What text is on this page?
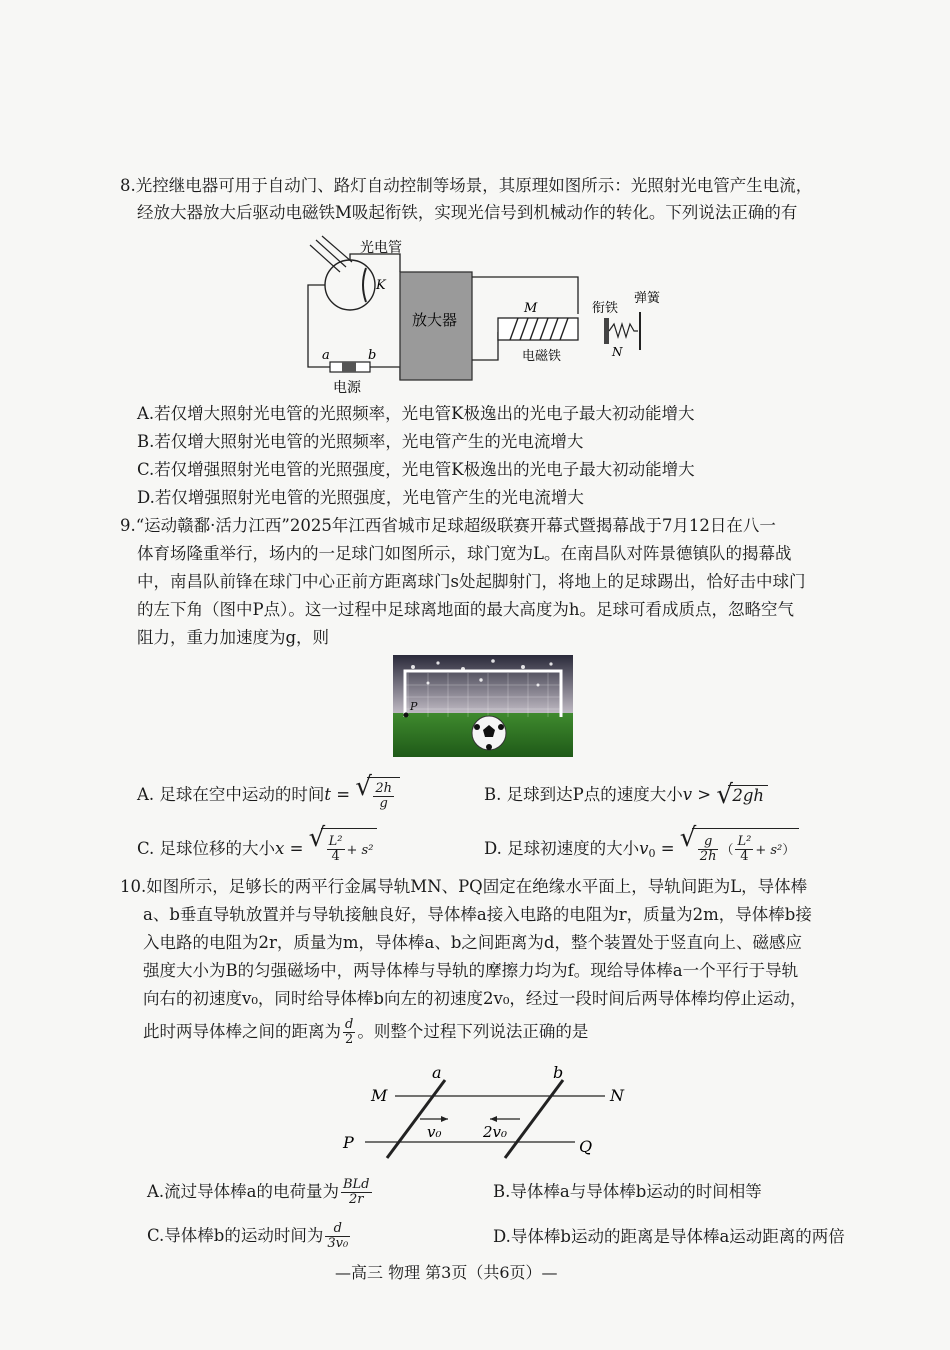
8.光控继电器可用于自动门、路灯自动控制等场景，其原理如图所示：光照射光电管产生电流，
经放大器放大后驱动电磁铁M吸起衔铁，实现光信号到机械动作的转化。下列说法正确的有
光电管
K
放大器
M
电磁铁
衔铁
弹簧
N
a	b
电源
A.若仅增大照射光电管的光照频率，光电管K极逸出的光电子最大初动能增大
B.若仅增大照射光电管的光照频率，光电管产生的光电流增大
C.若仅增强照射光电管的光照强度，光电管K极逸出的光电子最大初动能增大
D.若仅增强照射光电管的光照强度，光电管产生的光电流增大
9.“运动赣鄱·活力江西”2025年江西省城市足球超级联赛开幕式暨揭幕战于7月12日在八一
体育场隆重举行，场内的一足球门如图所示，球门宽为L。在南昌队对阵景德镇队的揭幕战
中，南昌队前锋在球门中心正前方距离球门s处起脚射门，将地上的足球踢出，恰好击中球门
的左下角（图中P点）。这一过程中足球离地面的最大高度为h。足球可看成质点，忽略空气
阻力，重力加速度为g，则
P
A. 足球在空中运动的时间t = √ $\frac{2h}{g}$	B. 足球到达P点的速度大小v > √ 2gh
C. 足球位移的大小x = √ $\frac{\text{L²}}{4} + s^2$	D. 足球初速度的大小$v_0$ = √ $\frac{g}{2h}$ （ $\frac{\text{L²}}{4} + s^2$）
10.如图所示，足够长的两平行金属导轨MN、PQ固定在绝缘水平面上，导轨间距为L，导体棒
a、b垂直导轨放置并与导轨接触良好，导体棒a接入电路的电阻为r，质量为2m，导体棒b接
入电路的电阻为2r，质量为m，导体棒a、b之间距离为d，整个装置处于竖直向上、磁感应
强度大小为B的匀强磁场中，两导体棒与导轨的摩擦力均为f。现给导体棒a一个平行于导轨
向右的初速度v₀，同时给导体棒b向左的初速度2v₀，经过一段时间后两导体棒均停止运动，
此时两导体棒之间的距离为 $\frac{d}{2}$ 。则整个过程下列说法正确的是
M	N
P	Q
a	b
v₀	2v₀
A.流过导体棒a的电荷量为 $\frac{\text{BLd}}{2r}$	B.导体棒a与导体棒b运动的时间相等
C.导体棒b的运动时间为 $\frac{d}{\text{3v₀}}$	D.导体棒b运动的距离是导体棒a运动距离的两倍
—高三 物理 第3页（共6页）—
